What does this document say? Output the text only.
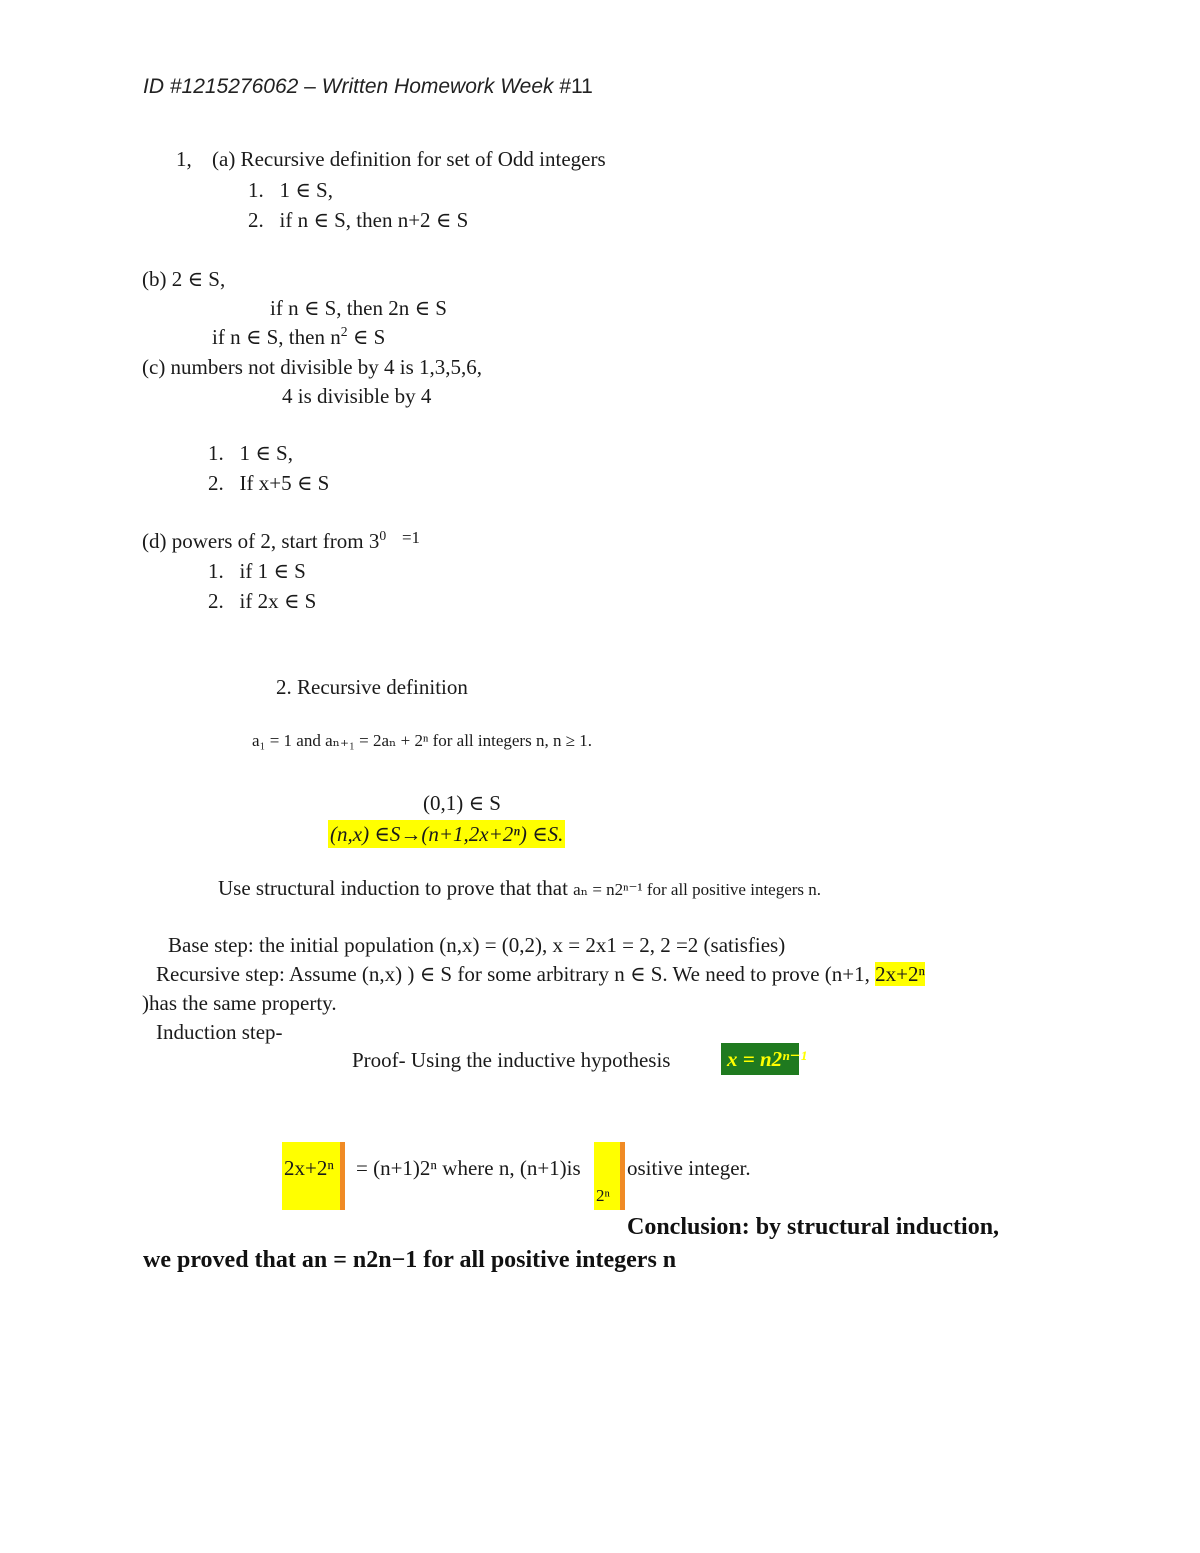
ID #1215276062 – Written Homework Week #11
1, (a) Recursive definition for set of Odd integers
1.   1 ∈ S,
2.   if n ∈ S, then n+2 ∈ S
(b) 2 ∈ S,
if n ∈ S, then 2n ∈ S
if n ∈ S, then $n^2$ ∈ S
(c) numbers not divisible by 4 is 1,3,5,6,
4 is divisible by 4
1.   1 ∈ S,
2.   If x+5 ∈ S
(d) powers of 2, start from $3^0$ $^{=1}$
1.   if 1 ∈ S
2.   if 2x ∈ S
2. Recursive definition
a₁ = 1 and aₙ₊₁ = 2aₙ + 2ⁿ for all integers n, n ≥ 1.
(0,1) ∈ S
(n,x) ∈S→(n+1,2x+2ⁿ) ∈S.
Use structural induction to prove that that aₙ = n2ⁿ⁻¹ for all positive integers n.
Base step: the initial population (n,x) = (0,2), x = 2x1 = 2, 2 =2 (satisfies)
Recursive step: Assume (n,x) ) ∈ S for some arbitrary n ∈ S. We need to prove (n+1, 2x+2ⁿ
)has the same property.
Induction step-
Proof- Using the inductive hypothesis	x = n2ⁿ⁻¹
2x+2ⁿ = (n+1)2ⁿ where n, (n+1)is
2ⁿ
ositive integer.
Conclusion: by structural induction,
we proved that an = n2n−1 for all positive integers n
